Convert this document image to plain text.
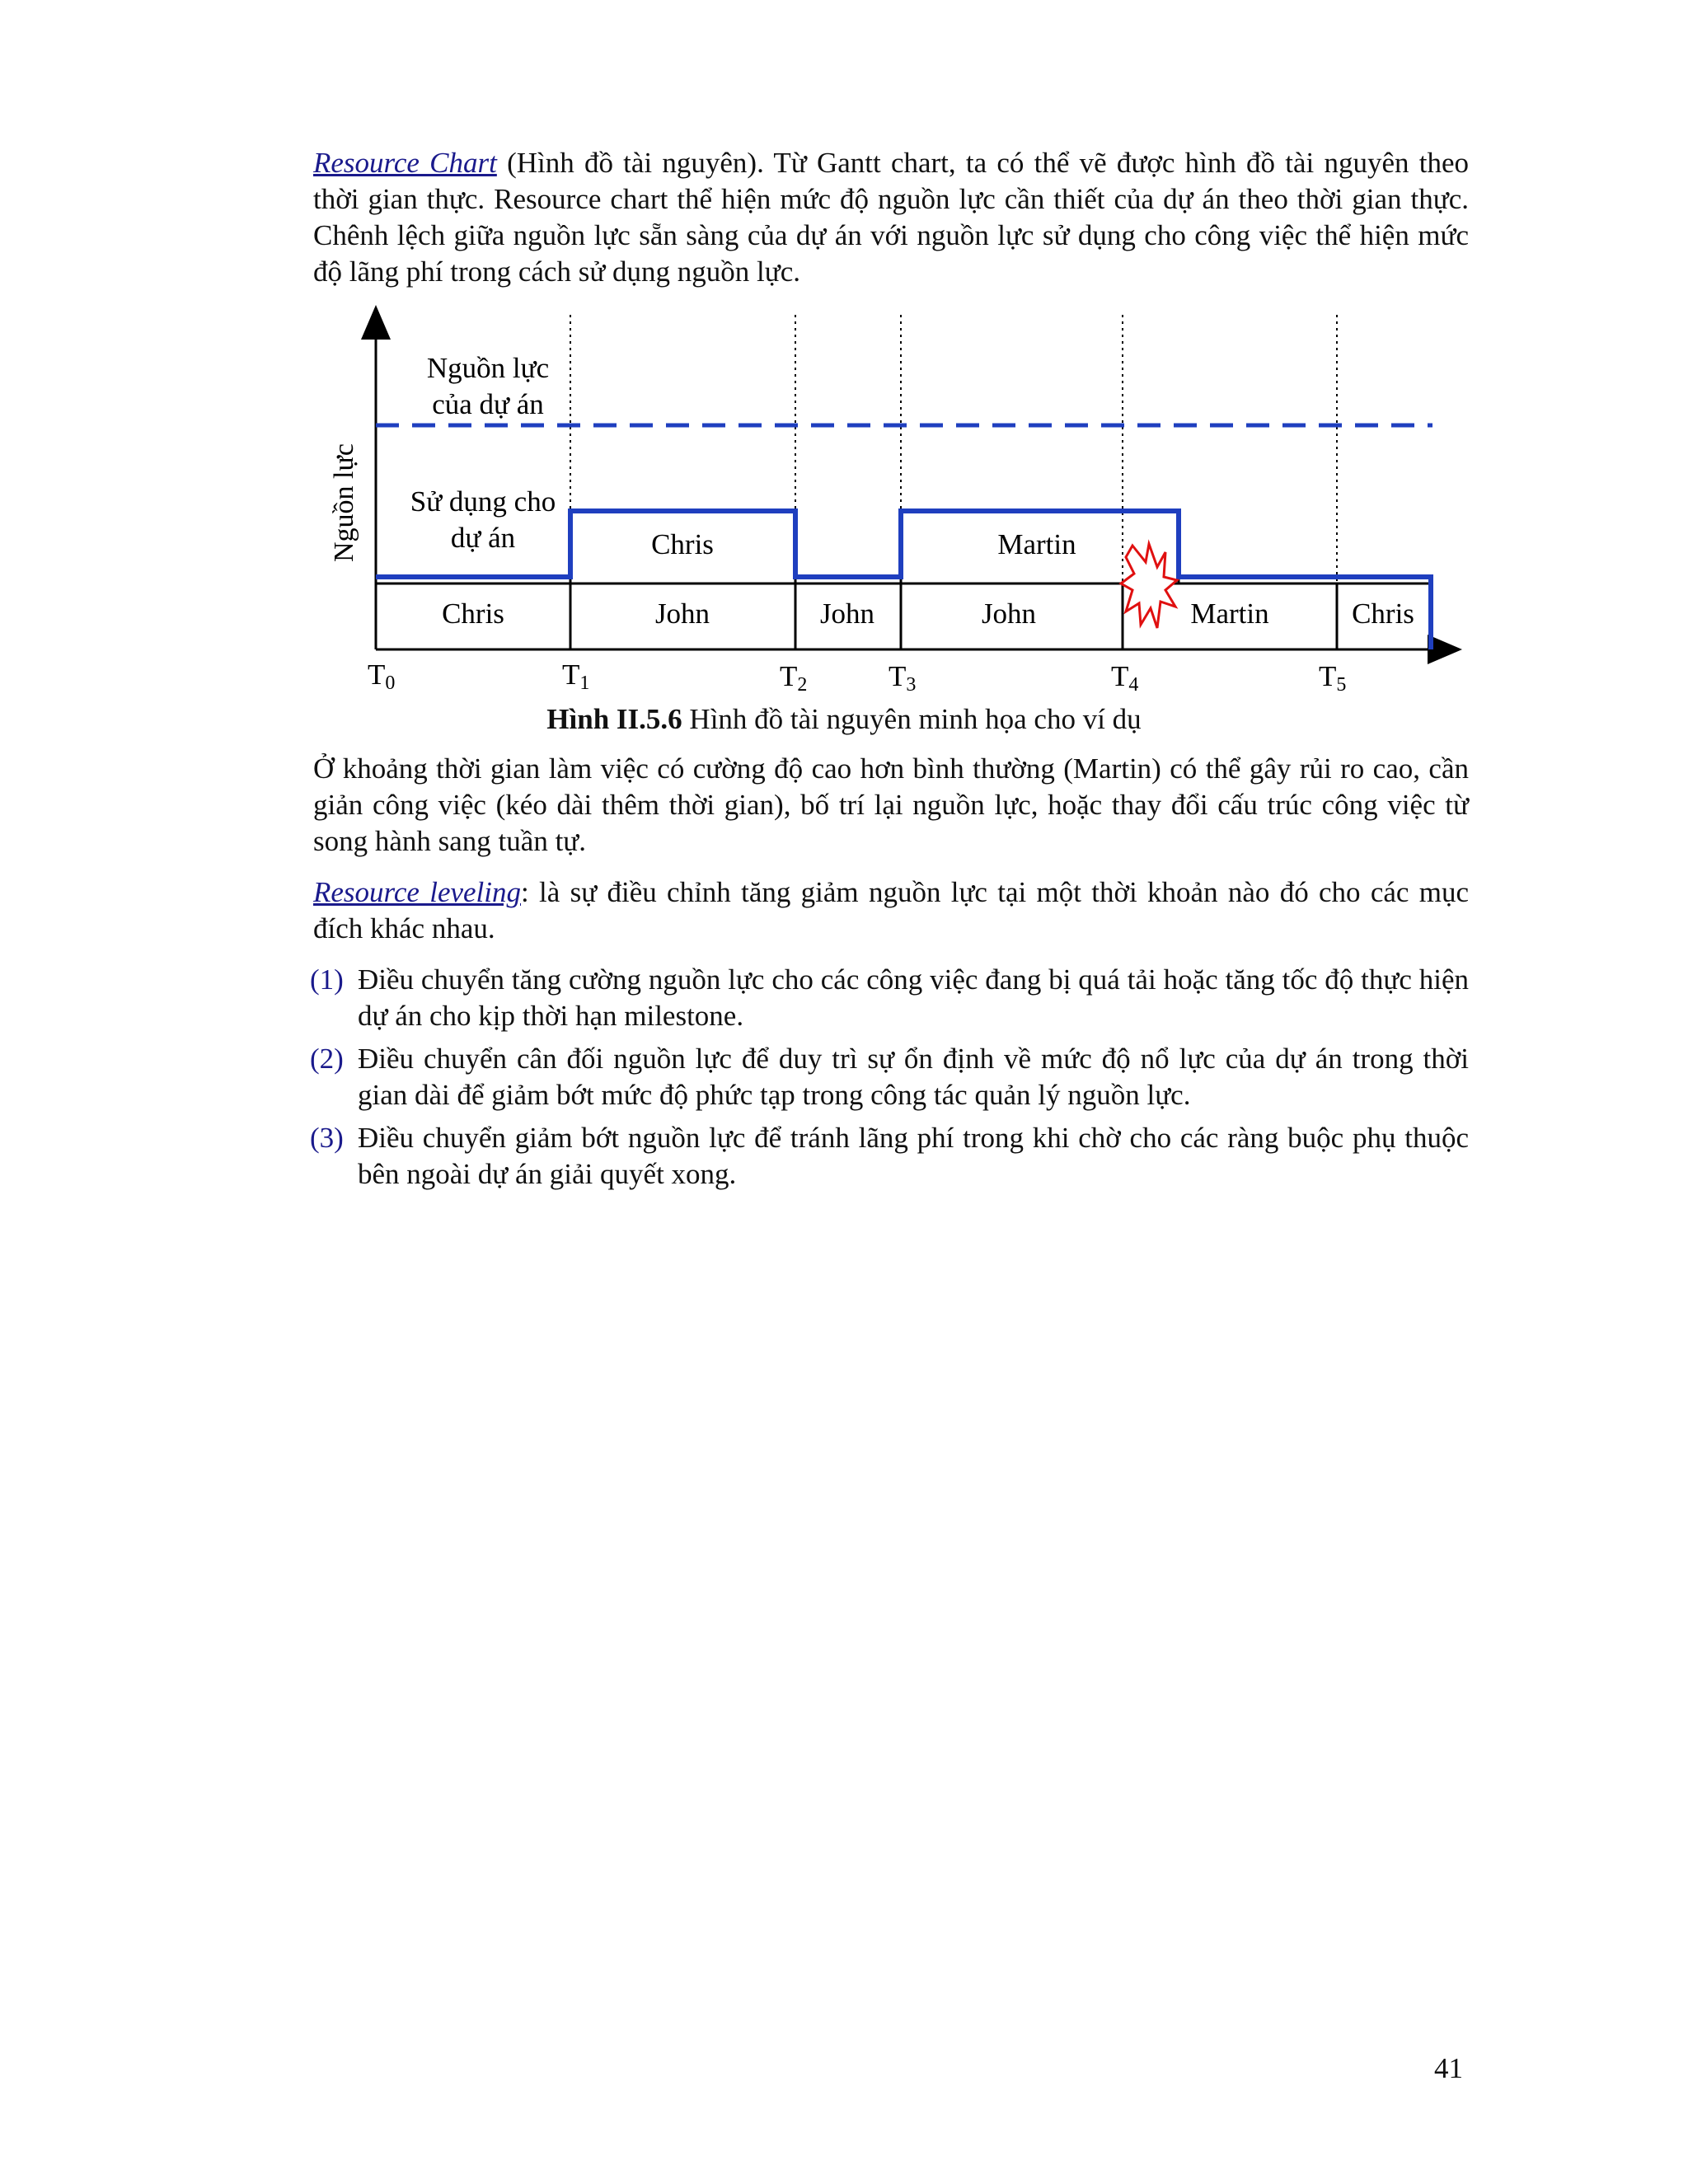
Resource Chart (Hình đồ tài nguyên). Từ Gantt chart, ta có thể vẽ được hình đồ tài nguyên theo thời gian thực. Resource chart thể hiện mức độ nguồn lực cần thiết của dự án theo thời gian thực. Chênh lệch giữa nguồn lực sẵn sàng của dự án với nguồn lực sử dụng cho công việc thể hiện mức độ lãng phí trong cách sử dụng nguồn lực.

Nguồn lực
Nguồn lực
của dự án
Sử dụng cho
dự án	Chris	Martin
Chris	John	John	John	Martin	Chris
T0	T1	T2	T3	T4	T5
Hình II.5.6 Hình đồ tài nguyên minh họa cho ví dụ

Ở khoảng thời gian làm việc có cường độ cao hơn bình thường (Martin) có thể gây rủi ro cao, cần giản công việc (kéo dài thêm thời gian), bố trí lại nguồn lực, hoặc thay đổi cấu trúc công việc từ song hành sang tuần tự.

Resource leveling: là sự điều chỉnh tăng giảm nguồn lực tại một thời khoản nào đó cho các mục đích khác nhau.

(1) Điều chuyển tăng cường nguồn lực cho các công việc đang bị quá tải hoặc tăng tốc độ thực hiện dự án cho kịp thời hạn milestone.
(2) Điều chuyển cân đối nguồn lực để duy trì sự ổn định về mức độ nổ lực của dự án trong thời gian dài để giảm bớt mức độ phức tạp trong công tác quản lý nguồn lực.
(3) Điều chuyển giảm bớt nguồn lực để tránh lãng phí trong khi chờ cho các ràng buộc phụ thuộc bên ngoài dự án giải quyết xong.
41
